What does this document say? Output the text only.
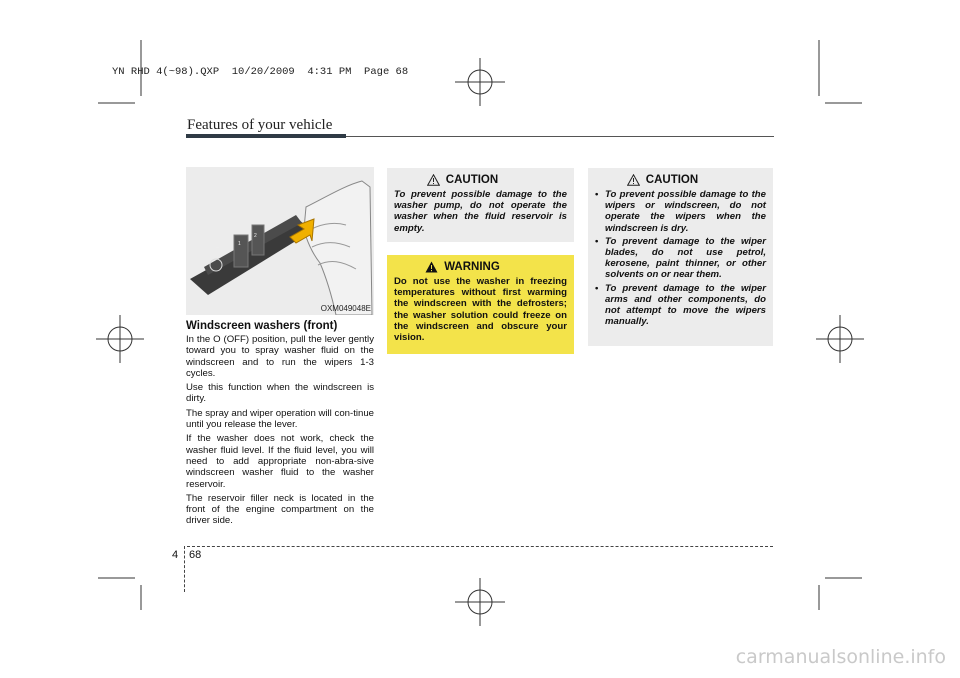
YN RHD 4(~98).QXP  10/20/2009  4:31 PM  Page 68
Features of your vehicle
+
1
2
OXM049048E
Windscreen washers (front)

In the O (OFF) position, pull the lever gently toward you to spray washer fluid on the windscreen and to run the wipers 1-3 cycles.

Use this function when the windscreen is dirty.

The spray and wiper operation will con-tinue until you release the lever.

If the washer does not work, check the washer fluid level. If the fluid level, you will need to add appropriate non-abra-sive windscreen washer fluid to the washer reservoir.

The reservoir filler neck is located in the front of the engine compartment on the driver side.

CAUTION
To prevent possible damage to the washer pump, do not operate the washer when the fluid reservoir is empty.
WARNING
Do not use the washer in freezing temperatures without first warming the windscreen with the defrosters; the washer solution could freeze on the windscreen and obscure your vision.
CAUTION
• To prevent possible damage to the wipers or windscreen, do not operate the wipers when the windscreen is dry.
• To prevent damage to the wiper blades, do not use petrol, kerosene, paint thinner, or other solvents on or near them.
• To prevent damage to the wiper arms and other components, do not attempt to move the wipers manually.
4 68
carmanualsonline.info
